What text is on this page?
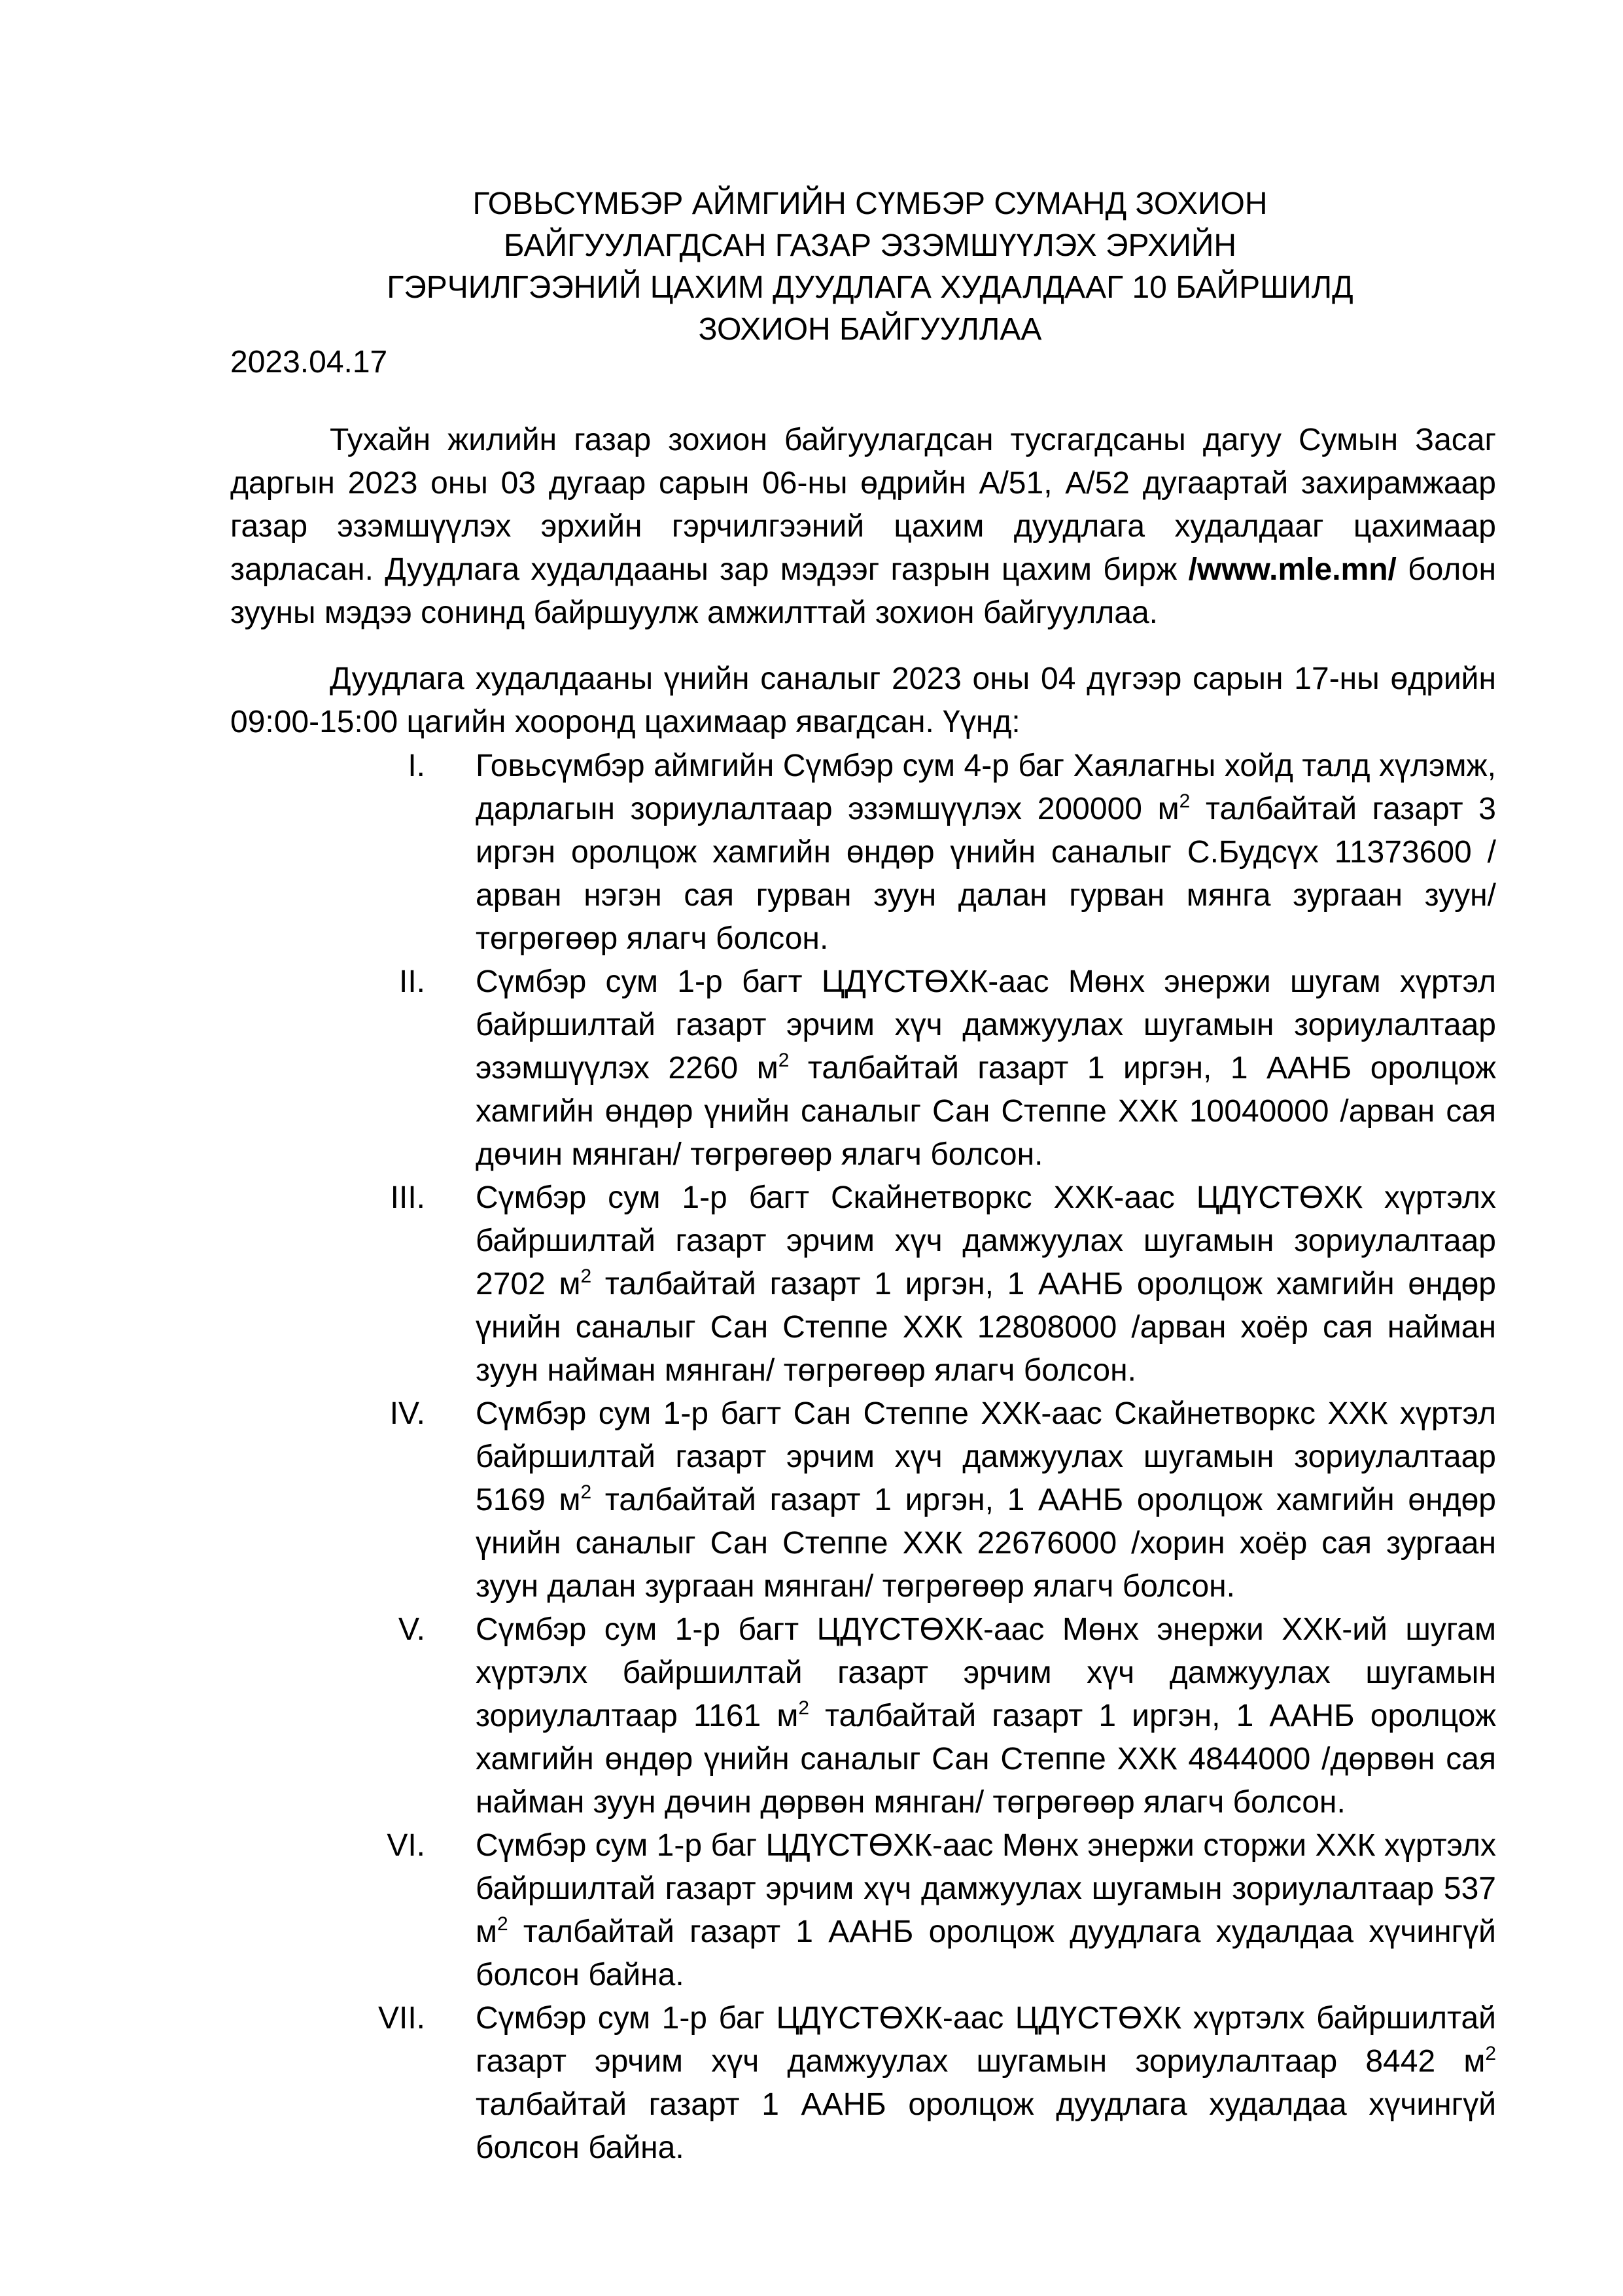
ГОВЬСҮМБЭР АЙМГИЙН СҮМБЭР СУМАНД ЗОХИОН
БАЙГУУЛАГДСАН ГАЗАР ЭЗЭМШҮҮЛЭХ ЭРХИЙН
ГЭРЧИЛГЭЭНИЙ ЦАХИМ ДУУДЛАГА ХУДАЛДААГ 10 БАЙРШИЛД
ЗОХИОН БАЙГУУЛЛАА
2023.04.17

Тухайн жилийн газар зохион байгуулагдсан тусгагдсаны дагуу Сумын Засаг даргын 2023 оны 03 дугаар сарын 06-ны өдрийн А/51, А/52 дугаартай захирамжаар газар эзэмшүүлэх эрхийн гэрчилгээний цахим дуудлага худалдааг цахимаар зарласан. Дуудлага худалдааны зар мэдээг газрын цахим бирж /www.mle.mn/ болон зууны мэдээ сонинд байршуулж амжилттай зохион байгууллаа.

Дуудлага худалдааны үнийн саналыг 2023 оны 04 дүгээр сарын 17-ны өдрийн 09:00-15:00 цагийн хооронд цахимаар явагдсан. Үүнд:

I. Говьсүмбэр аймгийн Сүмбэр сум 4-р баг Хаялагны хойд талд хүлэмж, дарлагын зориулалтаар эзэмшүүлэх 200000 $м^2$ талбайтай газарт 3 иргэн оролцож хамгийн өндөр үнийн саналыг С.Будсүх 11373600 /арван нэгэн сая гурван зуун далан гурван мянга зургаан зуун/ төгрөгөөр ялагч болсон.
II. Сүмбэр сум 1-р багт ЦДҮСТӨХК-аас Мөнх энержи шугам хүртэл байршилтай газарт эрчим хүч дамжуулах шугамын зориулалтаар эзэмшүүлэх 2260 $м^2$ талбайтай газарт 1 иргэн, 1 ААНБ оролцож хамгийн өндөр үнийн саналыг Сан Степпе ХХК 10040000 /арван сая дөчин мянган/ төгрөгөөр ялагч болсон.
III. Сүмбэр сум 1-р багт Скайнетворкс ХХК-аас ЦДҮСТӨХК хүртэлх байршилтай газарт эрчим хүч дамжуулах шугамын зориулалтаар 2702 $м^2$ талбайтай газарт 1 иргэн, 1 ААНБ оролцож хамгийн өндөр үнийн саналыг Сан Степпе ХХК 12808000 /арван хоёр сая найман зуун найман мянган/ төгрөгөөр ялагч болсон.
IV. Сүмбэр сум 1-р багт Сан Степпе ХХК-аас Скайнетворкс ХХК хүртэл байршилтай газарт эрчим хүч дамжуулах шугамын зориулалтаар 5169 $м^2$ талбайтай газарт 1 иргэн, 1 ААНБ оролцож хамгийн өндөр үнийн саналыг Сан Степпе ХХК 22676000 /хорин хоёр сая зургаан зуун далан зургаан мянган/ төгрөгөөр ялагч болсон.
V. Сүмбэр сум 1-р багт ЦДҮСТӨХК-аас Мөнх энержи ХХК-ий шугам хүртэлх байршилтай газарт эрчим хүч дамжуулах шугамын зориулалтаар 1161 $м^2$ талбайтай газарт 1 иргэн, 1 ААНБ оролцож хамгийн өндөр үнийн саналыг Сан Степпе ХХК 4844000 /дөрвөн сая найман зуун дөчин дөрвөн мянган/ төгрөгөөр ялагч болсон.
VI. Сүмбэр сум 1-р баг ЦДҮСТӨХК-аас Мөнх энержи сторжи ХХК хүртэлх байршилтай газарт эрчим хүч дамжуулах шугамын зориулалтаар 537 $м^2$ талбайтай газарт 1 ААНБ оролцож дуудлага худалдаа хүчингүй болсон байна.
VII. Сүмбэр сум 1-р баг ЦДҮСТӨХК-аас ЦДҮСТӨХК хүртэлх байршилтай газарт эрчим хүч дамжуулах шугамын зориулалтаар 8442 $м^2$ талбайтай газарт 1 ААНБ оролцож дуудлага худалдаа хүчингүй болсон байна.
